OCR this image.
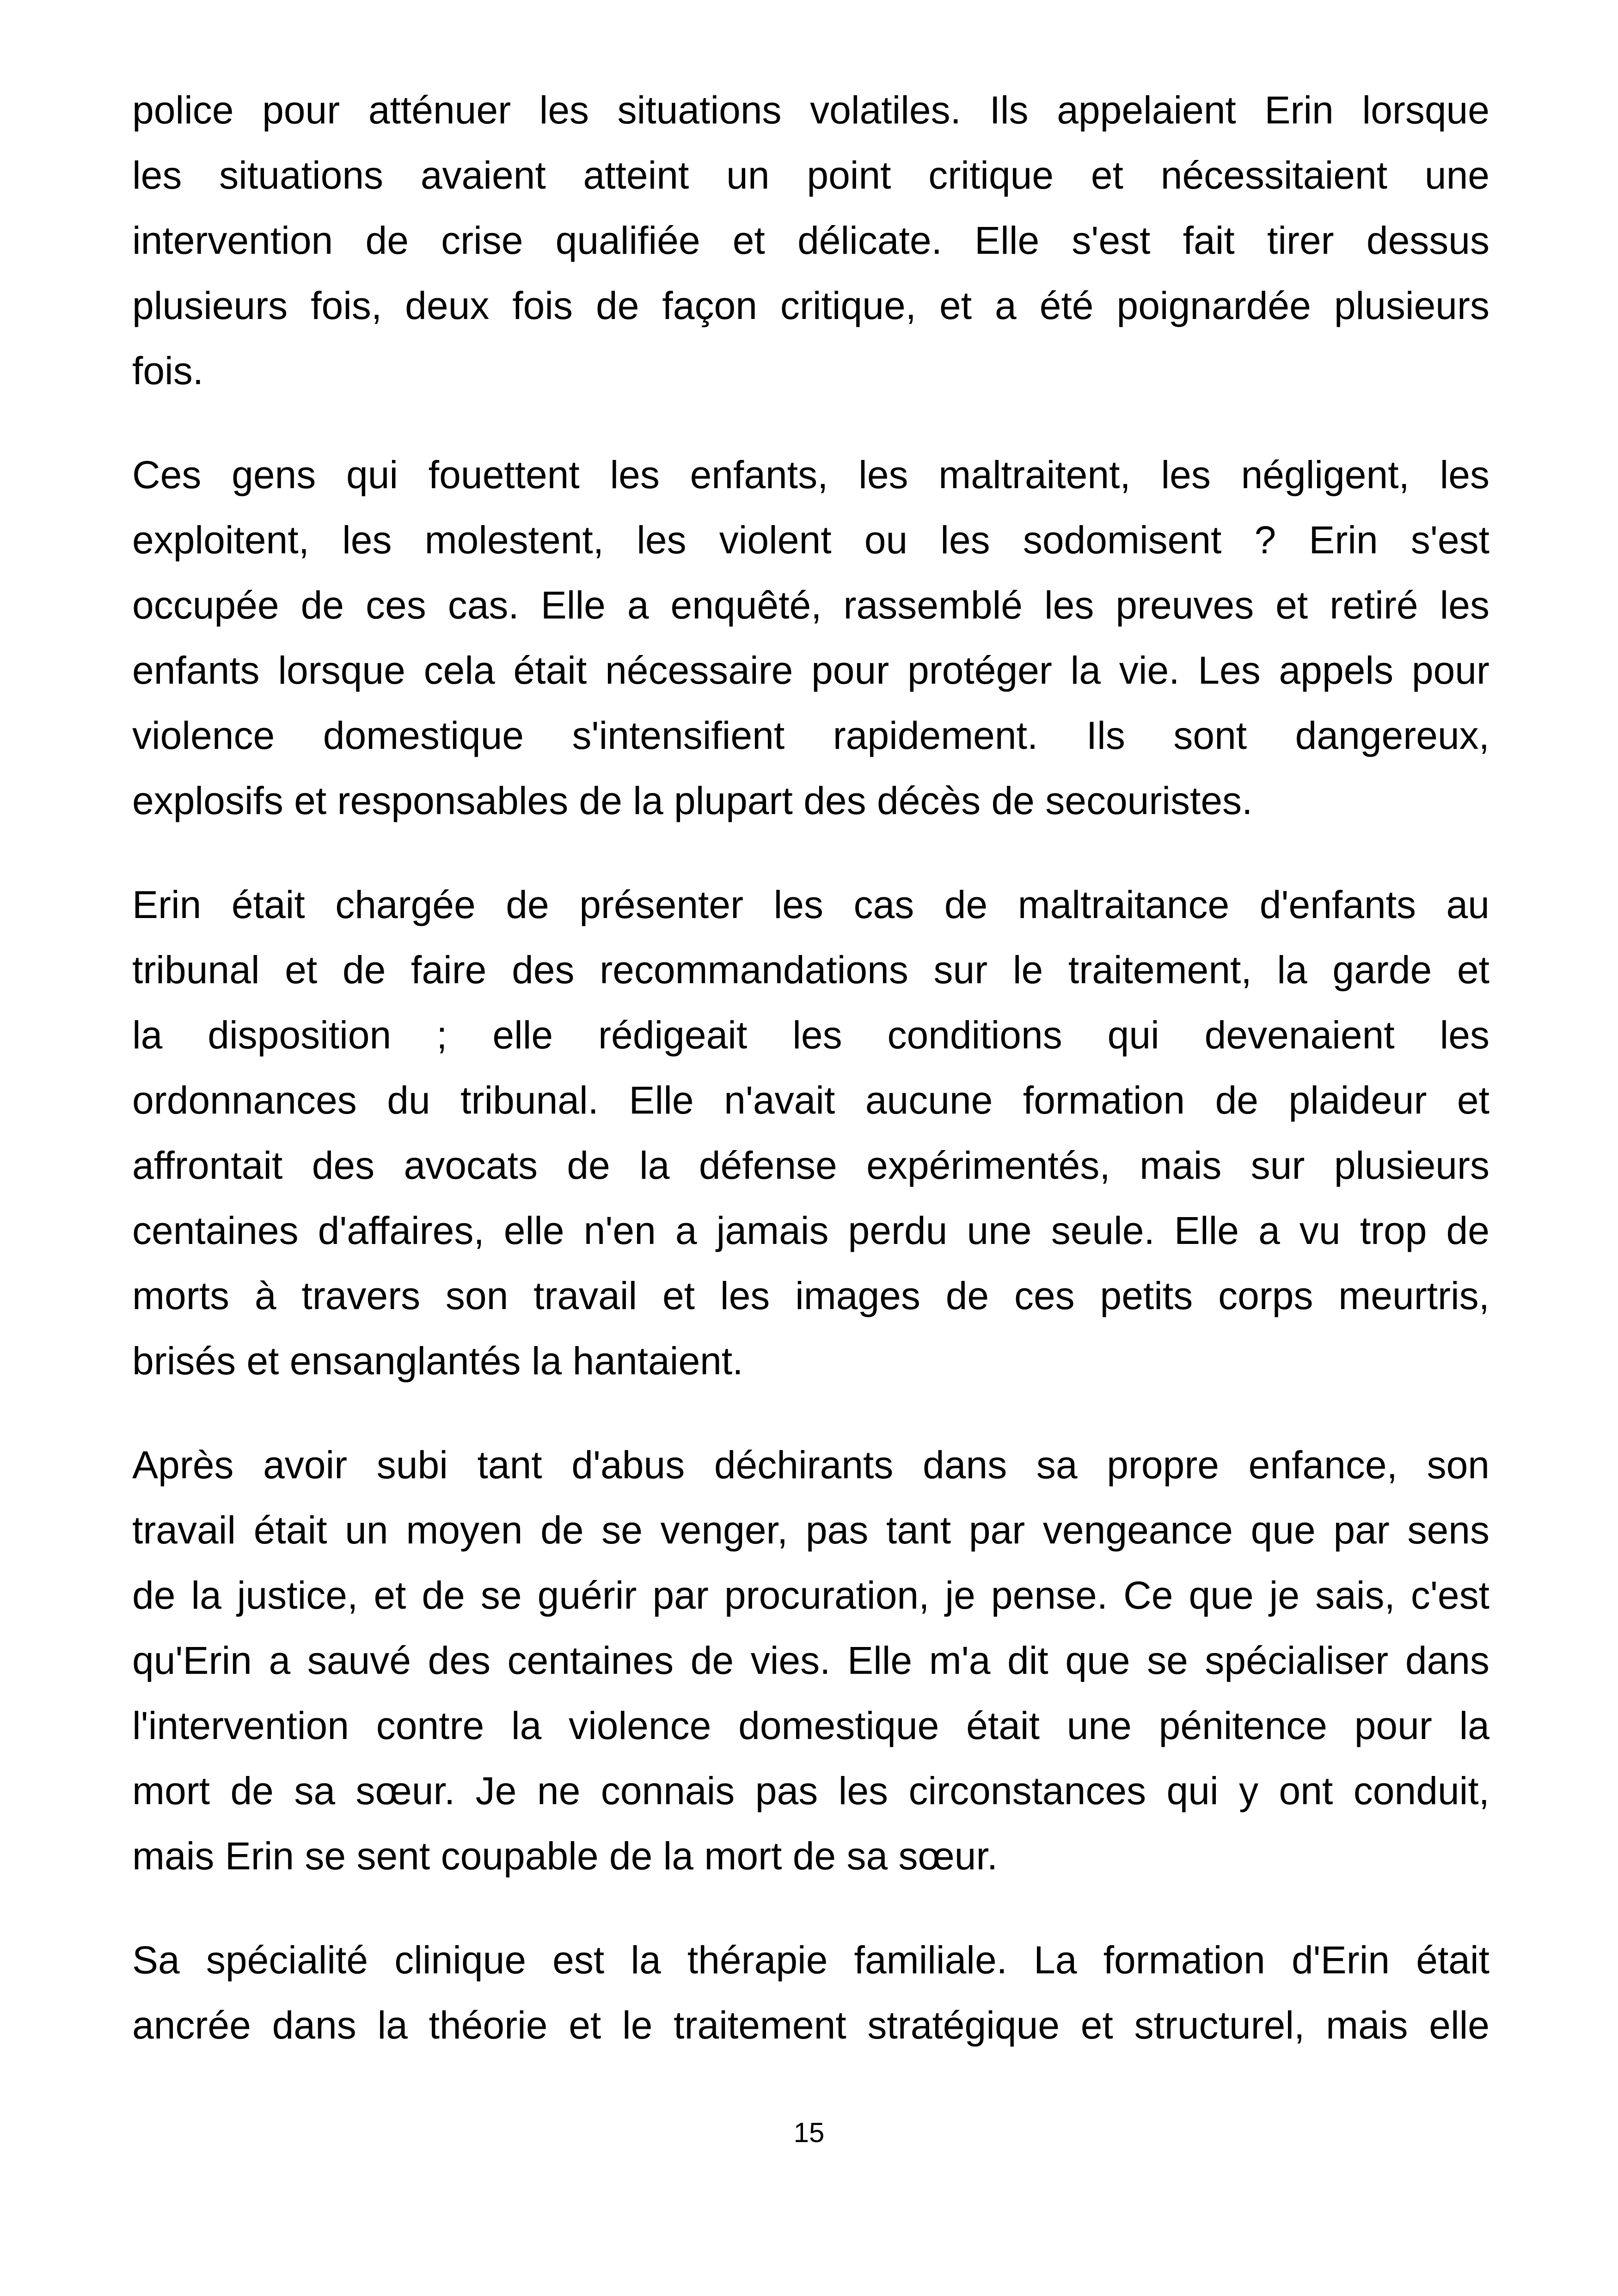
police pour atténuer les situations volatiles. Ils appelaient Erin lorsque
les situations avaient atteint un point critique et nécessitaient une
intervention de crise qualifiée et délicate. Elle s'est fait tirer dessus
plusieurs fois, deux fois de façon critique, et a été poignardée plusieurs
fois.

Ces gens qui fouettent les enfants, les maltraitent, les négligent, les
exploitent, les molestent, les violent ou les sodomisent ? Erin s'est
occupée de ces cas. Elle a enquêté, rassemblé les preuves et retiré les
enfants lorsque cela était nécessaire pour protéger la vie. Les appels pour
violence domestique s'intensifient rapidement. Ils sont dangereux,
explosifs et responsables de la plupart des décès de secouristes.

Erin était chargée de présenter les cas de maltraitance d'enfants au
tribunal et de faire des recommandations sur le traitement, la garde et
la disposition ; elle rédigeait les conditions qui devenaient les
ordonnances du tribunal. Elle n'avait aucune formation de plaideur et
affrontait des avocats de la défense expérimentés, mais sur plusieurs
centaines d'affaires, elle n'en a jamais perdu une seule. Elle a vu trop de
morts à travers son travail et les images de ces petits corps meurtris,
brisés et ensanglantés la hantaient.

Après avoir subi tant d'abus déchirants dans sa propre enfance, son
travail était un moyen de se venger, pas tant par vengeance que par sens
de la justice, et de se guérir par procuration, je pense. Ce que je sais, c'est
qu'Erin a sauvé des centaines de vies. Elle m'a dit que se spécialiser dans
l'intervention contre la violence domestique était une pénitence pour la
mort de sa sœur. Je ne connais pas les circonstances qui y ont conduit,
mais Erin se sent coupable de la mort de sa sœur.

Sa spécialité clinique est la thérapie familiale. La formation d'Erin était
ancrée dans la théorie et le traitement stratégique et structurel, mais elle

15
